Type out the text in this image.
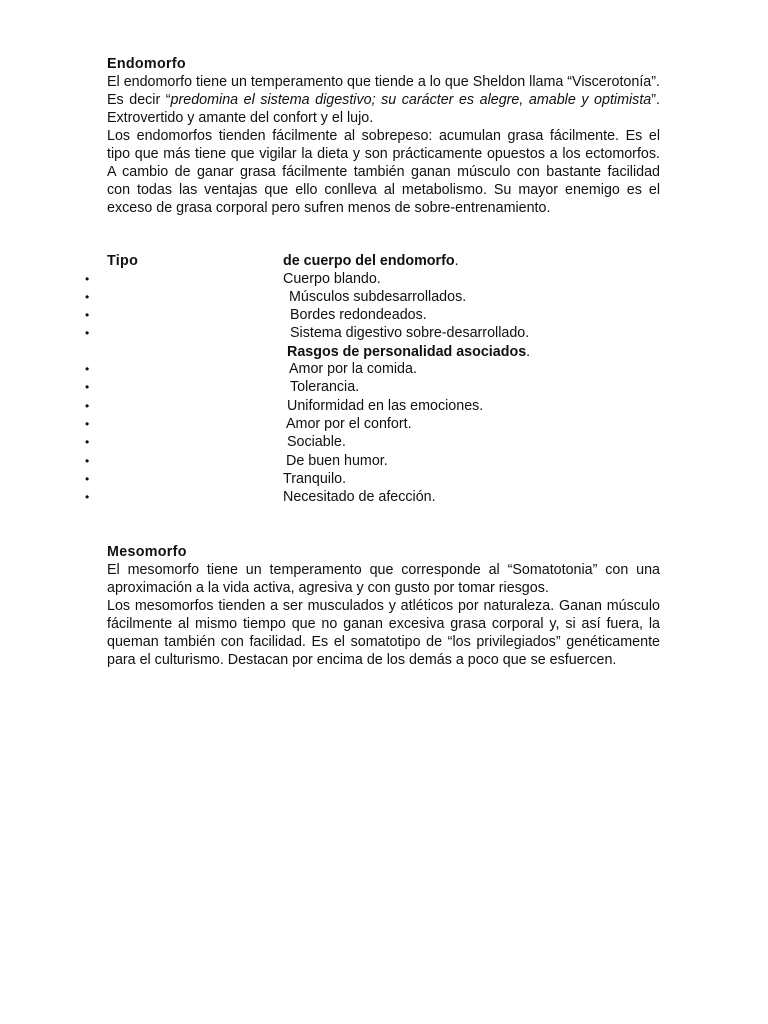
Endomorfo
El endomorfo tiene un temperamento que tiende a lo que Sheldon llama “Viscerotonía”. Es decir “predomina el sistema digestivo; su carácter es alegre, amable y optimista”. Extrovertido y amante del confort y el lujo.
Los endomorfos tienden fácilmente al sobrepeso: acumulan grasa fácilmente. Es el tipo que más tiene que vigilar la dieta y son prácticamente opuestos a los ectomorfos. A cambio de ganar grasa fácilmente también ganan músculo con bastante facilidad con todas las ventajas que ello conlleva al metabolismo. Su mayor enemigo es el exceso de grasa corporal pero sufren menos de sobre-entrenamiento.
Tipo	de cuerpo del endomorfo.
•	Cuerpo blando.
•	Músculos subdesarrollados.
•	Bordes redondeados.
•	Sistema digestivo sobre-desarrollado.
Rasgos de personalidad asociados.
•	Amor por la comida.
•	Tolerancia.
•	Uniformidad en las emociones.
•	Amor por el confort.
•	Sociable.
•	De buen humor.
•	Tranquilo.
•	Necesitado de afección.
Mesomorfo
El mesomorfo tiene un temperamento que corresponde al “Somatotonia” con una aproximación a la vida activa, agresiva y con gusto por tomar riesgos.
Los mesomorfos tienden a ser musculados y atléticos por naturaleza. Ganan músculo fácilmente al mismo tiempo que no ganan excesiva grasa corporal y, si así fuera, la queman también con facilidad. Es el somatotipo de “los privilegiados” genéticamente para el culturismo. Destacan por encima de los demás a poco que se esfuercen.
